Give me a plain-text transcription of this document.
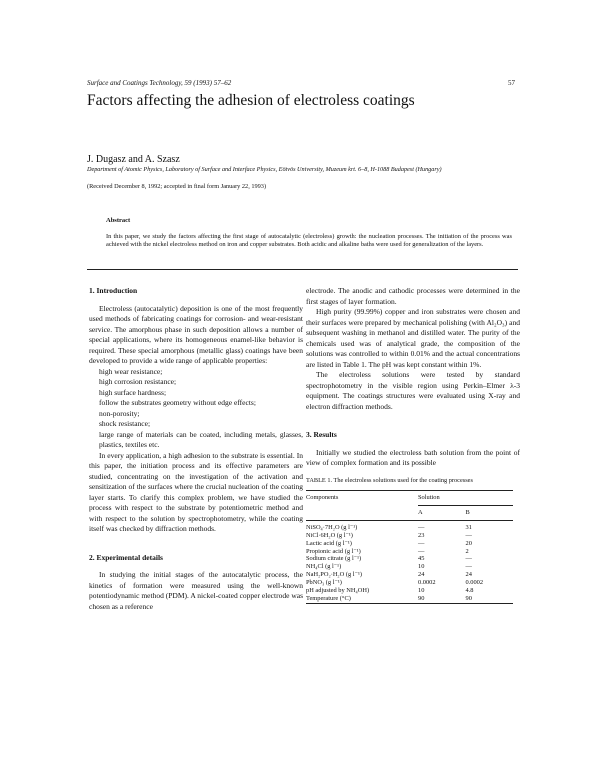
Surface and Coatings Technology, 59 (1993) 57–62	57
Factors affecting the adhesion of electroless coatings
J. Dugasz and A. Szasz
Department of Atomic Physics, Laboratory of Surface and Interface Physics, Eötvös University, Muzeum krt. 6–8, H-1088 Budapest (Hungary)
(Received December 8, 1992; accepted in final form January 22, 1993)
Abstract
In this paper, we study the factors affecting the first stage of autocatalytic (electroless) growth: the nucleation processes. The initiation of the process was achieved with the nickel electroless method on iron and copper substrates. Both acidic and alkaline baths were used for generalization of the layers.
1. Introduction

Electroless (autocatalytic) deposition is one of the most frequently used methods of fabricating coatings for corrosion- and wear-resistant service. The amorphous phase in such deposition allows a number of special applications, where its homogeneous enamel-like behavior is required. These special amorphous (metallic glass) coatings have been developed to provide a wide range of applicable properties:

high wear resistance;

high corrosion resistance;

high surface hardness;

follow the substrates geometry without edge effects;

non-porosity;

shock resistance;

large range of materials can be coated, including metals, glasses, plastics, textiles etc.

In every application, a high adhesion to the substrate is essential. In this paper, the initiation process and its effective parameters are studied, concentrating on the investigation of the activation and sensitization of the surfaces where the crucial nucleation of the coating layer starts. To clarify this complex problem, we have studied the process with respect to the substrate by potentiometric method and with respect to the solution by spectrophotometry, while the coating itself was checked by diffraction methods.

2. Experimental details

In studying the initial stages of the autocatalytic process, the kinetics of formation were measured using the well-known potentiodynamic method (PDM). A nickel-coated copper electrode was chosen as a reference

electrode. The anodic and cathodic processes were determined in the first stages of layer formation.

High purity (99.99%) copper and iron substrates were chosen and their surfaces were prepared by mechanical polishing (with Al₂O₃) and subsequent washing in methanol and distilled water. The purity of the chemicals used was of analytical grade, the composition of the solutions was controlled to within 0.01% and the actual concentrations are listed in Table 1. The pH was kept constant within 1%.

The electroless solutions were tested by standard spectrophotometry in the visible region using Perkin–Elmer λ-3 equipment. The coatings structures were evaluated using X-ray and electron diffraction methods.

3. Results

Initially we studied the electroless bath solution from the point of view of complex formation and its possible

TABLE 1. The electroless solutions used for the coating processes
Components	Solution	
	A	B
NiSO₄·7H₂O (g l⁻¹)	—	31
NiCl·6H₂O (g l⁻¹)	23	—
Lactic acid (g l⁻¹)	—	20
Propionic acid (g l⁻¹)	—	2
Sodium citrate (g l⁻¹)	45	—
NH₄Cl (g l⁻¹)	10	—
NaH₂PO₂·H₂O (g l⁻¹)	24	24
PbNO₃ (g l⁻¹)	0.0002	0.0002
pH adjusted by NH₄OH)	10	4.8
Temperature (°C)	90	90
